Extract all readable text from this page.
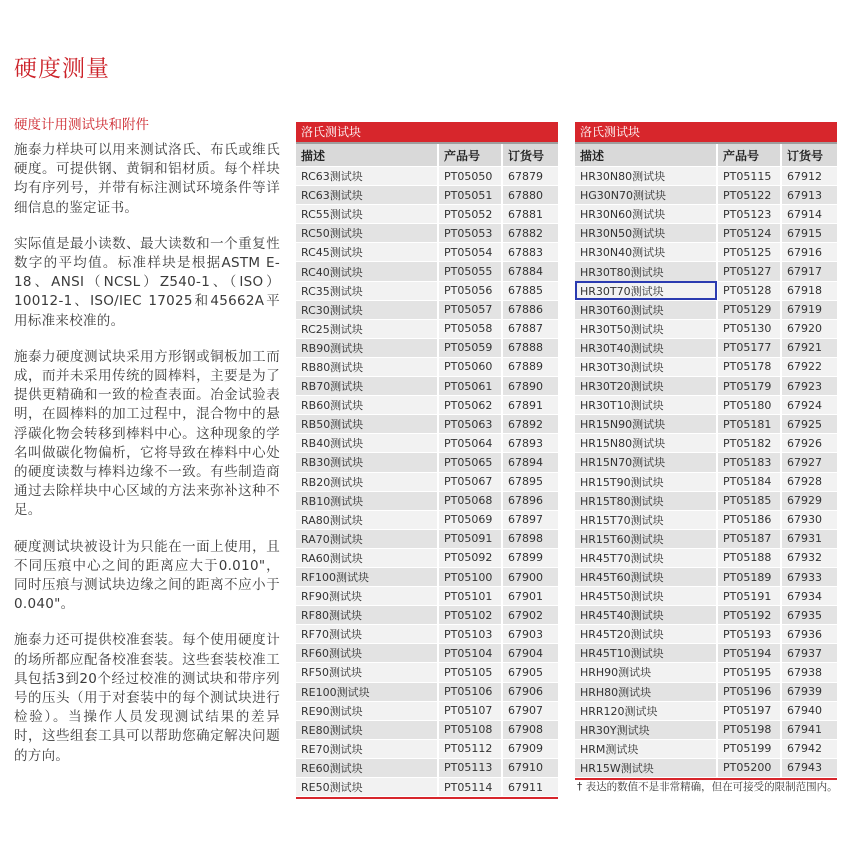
硬度测量

硬度计用测试块和附件

施泰力样块可以用来测试洛氏、布氏或维氏硬度。可提供钢、黄铜和铝材质。每个样块均有序列号，并带有标注测试环境条件等详细信息的鉴定证书。

实际值是最小读数、最大读数和一个重复性数字的平均值。标准样块是根据ASTM E-18、ANSI（NCSL）Z540-1、（ISO）10012-1、ISO/IEC 17025和45662A平用标准来校准的。

施泰力硬度测试块采用方形钢或铜板加工而成，而并未采用传统的圆棒料，主要是为了提供更精确和一致的检查表面。冶金试验表明，在圆棒料的加工过程中，混合物中的悬浮碳化物会转移到棒料中心。这种现象的学名叫做碳化物偏析，它将导致在棒料中心处的硬度读数与棒料边缘不一致。有些制造商通过去除样块中心区域的方法来弥补这种不足。

硬度测试块被设计为只能在一面上使用，且不同压痕中心之间的距离应大于0.010"，同时压痕与测试块边缘之间的距离不应小于0.040"。

施泰力还可提供校准套装。每个使用硬度计的场所都应配备校准套装。这些套装校准工具包括3到20个经过校准的测试块和带序列号的压头（用于对套装中的每个测试块进行检验）。当操作人员发现测试结果的差异时，这些组套工具可以帮助您确定解决问题的方向。

洛氏测试块
描述	产品号	订货号
RC63测试块	PT05050	67879
RC63测试块	PT05051	67880
RC55测试块	PT05052	67881
RC50测试块	PT05053	67882
RC45测试块	PT05054	67883
RC40测试块	PT05055	67884
RC35测试块	PT05056	67885
RC30测试块	PT05057	67886
RC25测试块	PT05058	67887
RB90测试块	PT05059	67888
RB80测试块	PT05060	67889
RB70测试块	PT05061	67890
RB60测试块	PT05062	67891
RB50测试块	PT05063	67892
RB40测试块	PT05064	67893
RB30测试块	PT05065	67894
RB20测试块	PT05067	67895
RB10测试块	PT05068	67896
RA80测试块	PT05069	67897
RA70测试块	PT05091	67898
RA60测试块	PT05092	67899
RF100测试块	PT05100	67900
RF90测试块	PT05101	67901
RF80测试块	PT05102	67902
RF70测试块	PT05103	67903
RF60测试块	PT05104	67904
RF50测试块	PT05105	67905
RE100测试块	PT05106	67906
RE90测试块	PT05107	67907
RE80测试块	PT05108	67908
RE70测试块	PT05112	67909
RE60测试块	PT05113	67910
RE50测试块	PT05114	67911
洛氏测试块
描述	产品号	订货号
HR30N80测试块	PT05115	67912
HG30N70测试块	PT05122	67913
HR30N60测试块	PT05123	67914
HR30N50测试块	PT05124	67915
HR30N40测试块	PT05125	67916
HR30T80测试块	PT05127	67917
HR30T70测试块	PT05128	67918
HR30T60测试块	PT05129	67919
HR30T50测试块	PT05130	67920
HR30T40测试块	PT05177	67921
HR30T30测试块	PT05178	67922
HR30T20测试块	PT05179	67923
HR30T10测试块	PT05180	67924
HR15N90测试块	PT05181	67925
HR15N80测试块	PT05182	67926
HR15N70测试块	PT05183	67927
HR15T90测试块	PT05184	67928
HR15T80测试块	PT05185	67929
HR15T70测试块	PT05186	67930
HR15T60测试块	PT05187	67931
HR45T70测试块	PT05188	67932
HR45T60测试块	PT05189	67933
HR45T50测试块	PT05191	67934
HR45T40测试块	PT05192	67935
HR45T20测试块	PT05193	67936
HR45T10测试块	PT05194	67937
HRH90测试块	PT05195	67938
HRH80测试块	PT05196	67939
HRR120测试块	PT05197	67940
HR30Y测试块	PT05198	67941
HRM测试块	PT05199	67942
HR15W测试块	PT05200	67943
† 表达的数值不是非常精确，但在可接受的限制范围内。
